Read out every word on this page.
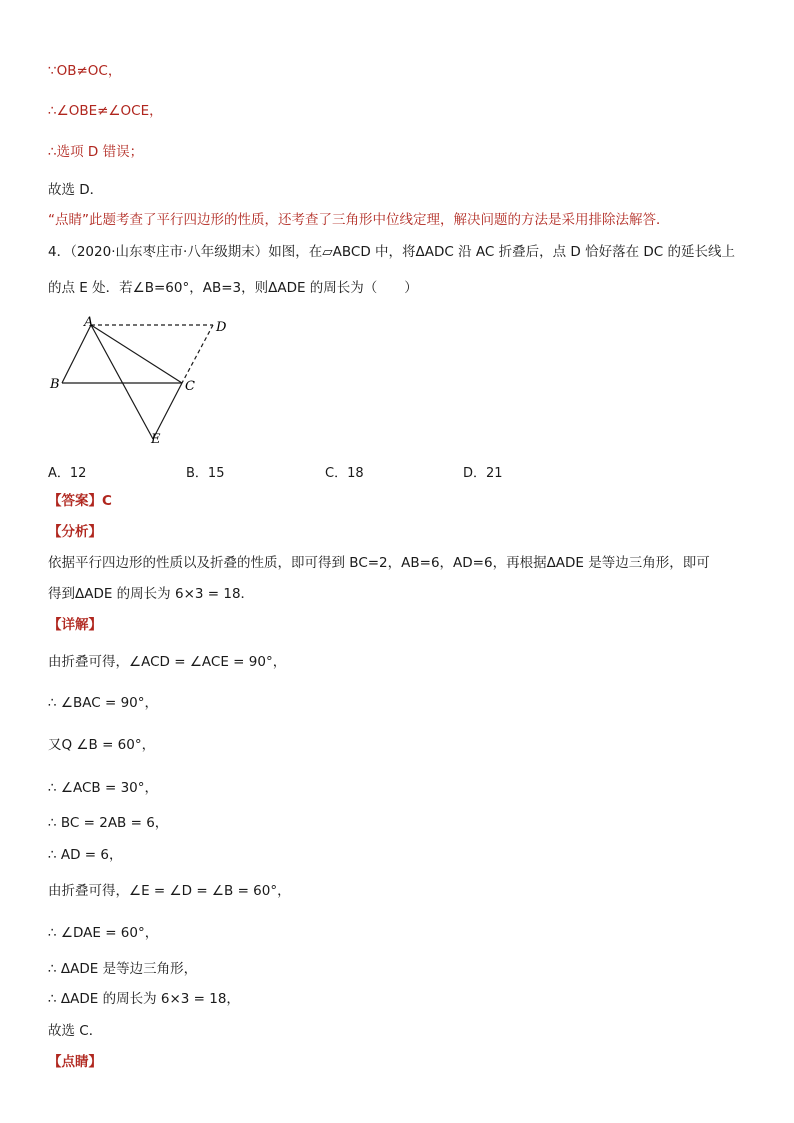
∵OB≠OC，
∴∠OBE≠∠OCE，
∴选项 D 错误；
故选 D．
“点睛”此题考查了平行四边形的性质，还考查了三角形中位线定理，解决问题的方法是采用排除法解答．
4．（2020·山东枣庄市·八年级期末）如图，在▱ABCD 中，将ΔADC 沿 AC 折叠后，点 D 恰好落在 DC 的延长线上
的点 E 处．若∠B=60°，AB=3，则ΔADE 的周长为（　　）
A
B	C
D
E
A．12	B．15	C．18	D．21
【答案】C
【分析】
依据平行四边形的性质以及折叠的性质，即可得到 BC=2，AB=6，AD=6，再根据ΔADE 是等边三角形，即可
得到ΔADE 的周长为 6×3 = 18．
【详解】
由折叠可得，∠ACD = ∠ACE = 90°，
∴ ∠BAC = 90°，
又Q ∠B = 60°，
∴ ∠ACB = 30°，
∴ BC = 2AB = 6，
∴ AD = 6，
由折叠可得，∠E = ∠D = ∠B = 60°，
∴ ∠DAE = 60°，
∴ ΔADE 是等边三角形，
∴ ΔADE 的周长为 6×3 = 18，
故选 C．
【点睛】
